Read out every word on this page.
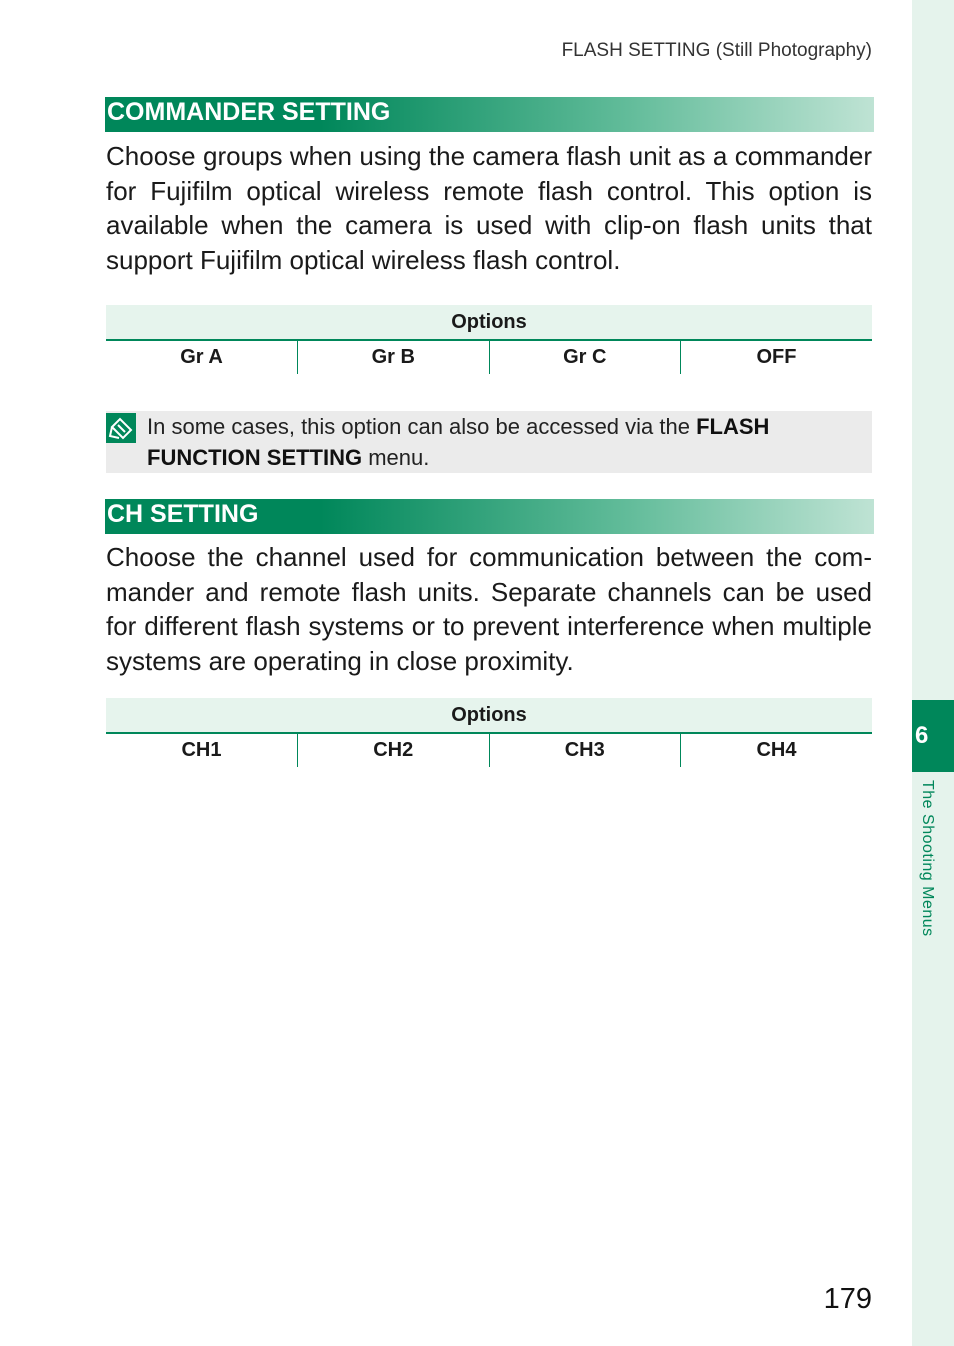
FLASH SETTING (Still Photography)
COMMANDER SETTING

Choose groups when using the camera flash unit as a commander for Fujifilm optical wireless remote flash control. This option is available when the camera is used with clip-on flash units that support Fujifilm optical wireless flash control.

Options
Gr A	Gr B	Gr C	OFF

In some cases, this option can also be accessed via the FLASH FUNCTION SETTING menu.

CH SETTING

Choose the channel used for communication between the commander and remote flash units. Separate channels can be used for different flash systems or to prevent interference when multiple systems are operating in close proximity.

Options
CH1	CH2	CH3	CH4
6
The Shooting Menus
179
